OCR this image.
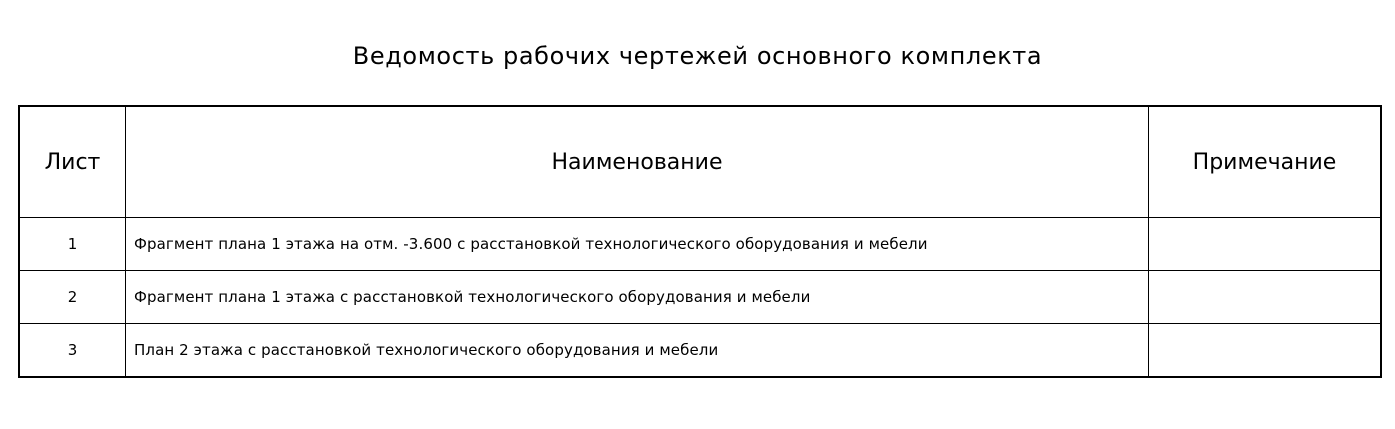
Ведомость рабочих чертежей основного комплекта
Лист	Наименование	Примечание
1	Фрагмент плана 1 этажа на отм. -3.600 с расстановкой технологического оборудования и мебели	
2	Фрагмент плана 1 этажа с расстановкой технологического оборудования и мебели	
3	План 2 этажа с расстановкой технологического оборудования и мебели	
